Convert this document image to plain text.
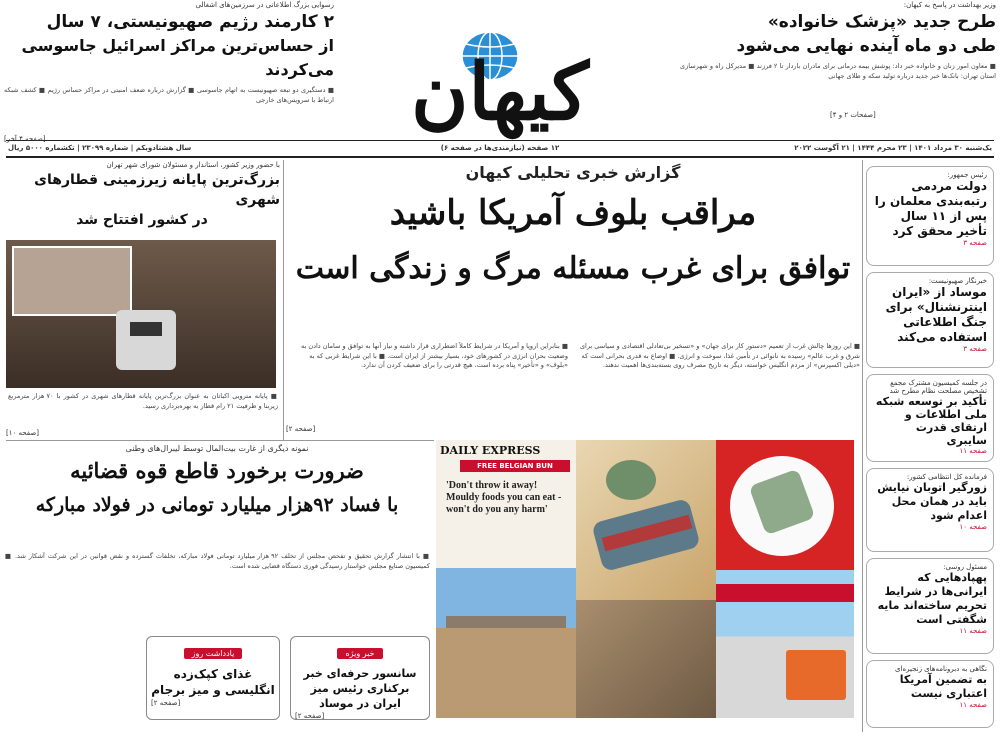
کیهان
یک‌شنبه ۳۰ مرداد ۱۴۰۱ | ۲۳ محرم ۱۴۴۴ | ۲۱ آگوست ۲۰۲۲
۱۲ صفحه (نیازمندی‌ها در صفحه ۶)
سال هشتادوبکم | شماره ۲۳۰۹۹ | تکشماره ۵۰۰۰ ریال
وزیر بهداشت در پاسخ به کیهان:
طرح جدید «پزشک خانواده»
طی دو ماه آینده نهایی می‌شود
■ معاون امور زنان و خانواده خبر داد: پوشش بیمه درمانی برای مادران باردار تا ۲ فرزند ■ مدیرکل راه و شهرسازی استان تهران: بانک‌ها خبر جدید درباره تولید سکه و طلای جهانی
[صفحات ۲ و ۴]
رسوایی بزرگ اطلاعاتی در سرزمین‌های اشغالی
۲ کارمند رژیم صهیونیستی، ۷ سال
از حساس‌ترین مراکز اسرائیل جاسوسی می‌کردند
■ دستگیری دو تبعه صهیونیست به اتهام جاسوسی ■ گزارش درباره ضعف امنیتی در مراکز حساس رژیم ■ کشف شبکه ارتباط با سرویس‌های خارجی
[صفحه ۴ آخر]
گزارش خبری تحلیلی کیهان
مراقب بلوف آمریکا باشید
توافق برای غرب مسئله مرگ و زندگی است
■ این روزها چالش غرب از تعمیم «دستور کار برای جهان» و «تسخیر بی‌تعادلی اقتصادی و سیاسی برای شرق و غرب عالم» رسیده به نانوائی در تأمین غذا، سوخت و انرژی. ■ اوضاع به قدری بحرانی است که «دیلی اکسپرس» از مردم انگلیس خواسته، دیگر به تاریخ مصرف روی بسته‌بندی‌ها اهمیت ندهند.
■ بنابراین اروپا و آمریکا در شرایط کاملاً اضطراری قرار داشته و نیاز آنها به توافق و سامان دادن به وضعیت بحران انرژی در کشورهای خود، بسیار بیشتر از ایران است. ■ با این شرایط غربی که به «بلوف» و «تأخیر» پناه برده است، هیچ قدرتی را برای ضعیف کردن آن ندارد.
[صفحه ۲]
DAILY EXPRESS
FREE BELGIAN BUN
'Don't throw it away! Mouldy foods you can eat - won't do you any harm'
با حضور وزیر کشور، استاندار و مسئولان شورای شهر تهران
بزرگ‌ترین پایانه زیرزمینی قطارهای شهری
در کشور افتتاح شد
■ پایانه مترویی اکباتان به عنوان بزرگ‌ترین پایانه قطارهای شهری در کشور با ۷۰ هزار مترمربع زیربنا و ظرفیت ۲۱ رام قطار به بهره‌برداری رسید.
[صفحه ۱۰]
نمونه دیگری از غارت بیت‌المال توسط لیبرال‌های وطنی
ضرورت برخورد قاطع قوه قضائیه
با فساد ۹۲هزار میلیارد تومانی در فولاد مبارکه
■ با انتشار گزارش تحقیق و تفحص مجلس از تخلف ۹۲ هزار میلیارد تومانی فولاد مبارکه، تخلفات گسترده و نقض قوانین در این شرکت آشکار شد. ■ کمیسیون صنایع مجلس خواستار رسیدگی فوری دستگاه قضایی شده است.
یادداشت روز
غذای کپک‌زده انگلیسی و میز برجام
[صفحه ۲]
خبر ویژه
سانسور حرفه‌ای خبر برکناری رئیس میز ایران در موساد
[صفحه ۲]
رئیس جمهور:
دولت مردمی رتبه‌بندی معلمان را پس از ۱۱ سال تأخیر محقق کرد
صفحه ۳
خبرنگار صهیونیست:
موساد از «ایران اینترنشنال» برای جنگ اطلاعاتی استفاده می‌کند
صفحه ۳
در جلسه کمیسیون مشترک مجمع تشخیص مصلحت نظام مطرح شد
تأکید بر توسعه شبکه ملی اطلاعات و ارتقای قدرت سایبری
صفحه ۱۱
فرمانده کل انتظامی کشور:
زورگیر اتوبان نیایش باید در همان محل اعدام شود
صفحه ۱۰
مسئول روسی:
پهپادهایی که ایرانی‌ها در شرایط تحریم ساخته‌اند مایه شگفتی است
صفحه ۱۱
نگاهی به دبرونامه‌های زنجیره‌ای
به تضمین آمریکا اعتباری نیست
صفحه ۱۱
